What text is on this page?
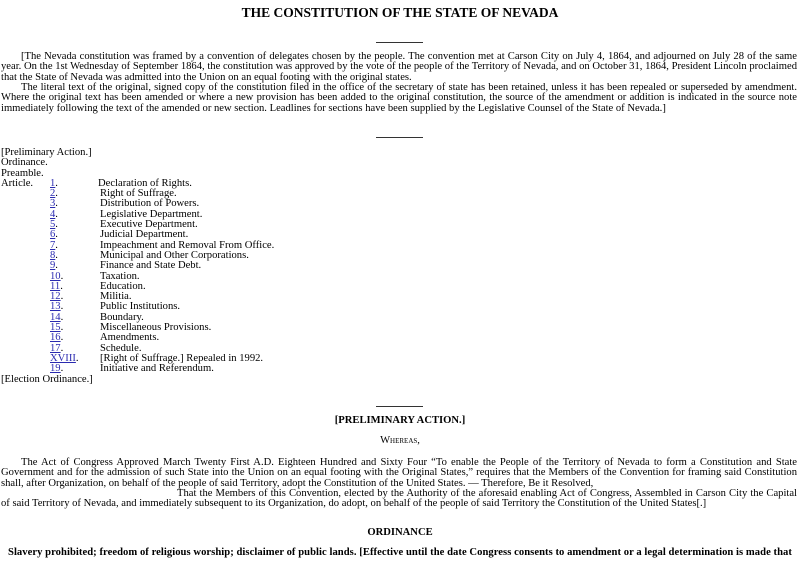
THE CONSTITUTION OF THE STATE OF NEVADA

[The Nevada constitution was framed by a convention of delegates chosen by the people. The convention met at Carson City on July 4, 1864, and adjourned on July 28 of the same year. On the 1st Wednesday of September 1864, the constitution was approved by the vote of the people of the Territory of Nevada, and on October 31, 1864, President Lincoln proclaimed that the State of Nevada was admitted into the Union on an equal footing with the original states.

The literal text of the original, signed copy of the constitution filed in the office of the secretary of state has been retained, unless it has been repealed or superseded by amendment. Where the original text has been amended or where a new provision has been added to the original constitution, the source of the amendment or addition is indicated in the source note immediately following the text of the amended or new section. Leadlines for sections have been supplied by the Legislative Counsel of the State of Nevada.]

[Preliminary Action.]
Ordinance.
Preamble.
Article. 1.	Declaration of Rights.
2.	Right of Suffrage.
3.	Distribution of Powers.
4.	Legislative Department.
5.	Executive Department.
6.	Judicial Department.
7.	Impeachment and Removal From Office.
8.	Municipal and Other Corporations.
9.	Finance and State Debt.
10.	Taxation.
11.	Education.
12.	Militia.
13.	Public Institutions.
14.	Boundary.
15.	Miscellaneous Provisions.
16.	Amendments.
17.	Schedule.
XVIII. [Right of Suffrage.] Repealed in 1992.
19.	Initiative and Referendum.
[Election Ordinance.]
[PRELIMINARY ACTION.]
Whereas,

The Act of Congress Approved March Twenty First A.D. Eighteen Hundred and Sixty Four “To enable the People of the Territory of Nevada to form a Constitution and State Government and for the admission of such State into the Union on an equal footing with the Original States,” requires that the Members of the Convention for framing said Constitution shall, after Organization, on behalf of the people of said Territory, adopt the Constitution of the United States. — Therefore, Be it Resolved,

That the Members of this Convention, elected by the Authority of the aforesaid enabling Act of Congress, Assembled in Carson City the Capital of said Territory of Nevada, and immediately subsequent to its Organization, do adopt, on behalf of the people of said Territory the Constitution of the United States[.]

ORDINANCE
Slavery prohibited; freedom of religious worship; disclaimer of public lands. [Effective until the date Congress consents to amendment or a legal determination is made that
